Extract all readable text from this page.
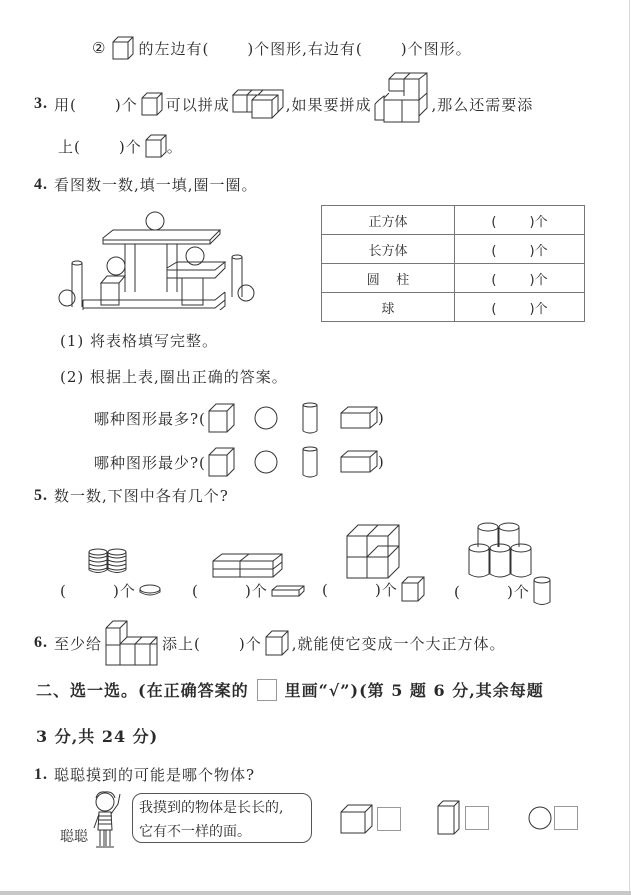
② 的左边有(	)个图形,右边有(	)个图形。
3. 用(	)个 可以拼成	,如果要拼成	,那么还需要添
上(	)个 。
4. 看图数一数,填一填,圈一圈。
正方体	(        )个
长方体	(        )个
圆    柱	(        )个
球	(        )个
(1) 将表格填写完整。
(2) 根据上表,圈出正确的答案。
哪种图形最多?(	)
哪种图形最少?(	)
5. 数一数,下图中各有几个?
(        )个	(        )个	(        )个	(        )个
6. 至少给	添上(	)个 ,就能使它变成一个大正方体。
二、选一选。(在正确答案的 里画“√”)(第 5 题 6 分,其余每题
3 分,共 24 分)
1. 聪聪摸到的可能是哪个物体?
聪聪
我摸到的物体是长长的,
它有不一样的面。
